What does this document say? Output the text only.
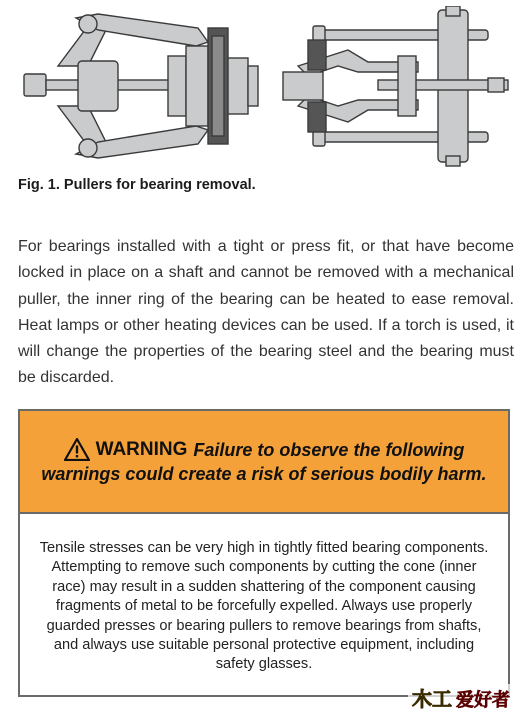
Fig. 1. Pullers for bearing removal.

For bearings installed with a tight or press fit, or that have become locked in place on a shaft and cannot be removed with a mechanical puller, the inner ring of the bearing can be heated to ease removal. Heat lamps or other heating devices can be used. If a torch is used, it will change the properties of the bearing steel and the bearing must be discarded.

WARNING Failure to observe the following
warnings could create a risk of serious bodily harm.
Tensile stresses can be very high in tightly fitted bearing components. Attempting to remove such components by cutting the cone (inner race) may result in a sudden shattering of the component causing fragments of metal to be forcefully expelled. Always use properly guarded presses or bearing pullers to remove bearings from shafts, and always use suitable personal protective equipment, including safety glasses.
木工 爱好者
